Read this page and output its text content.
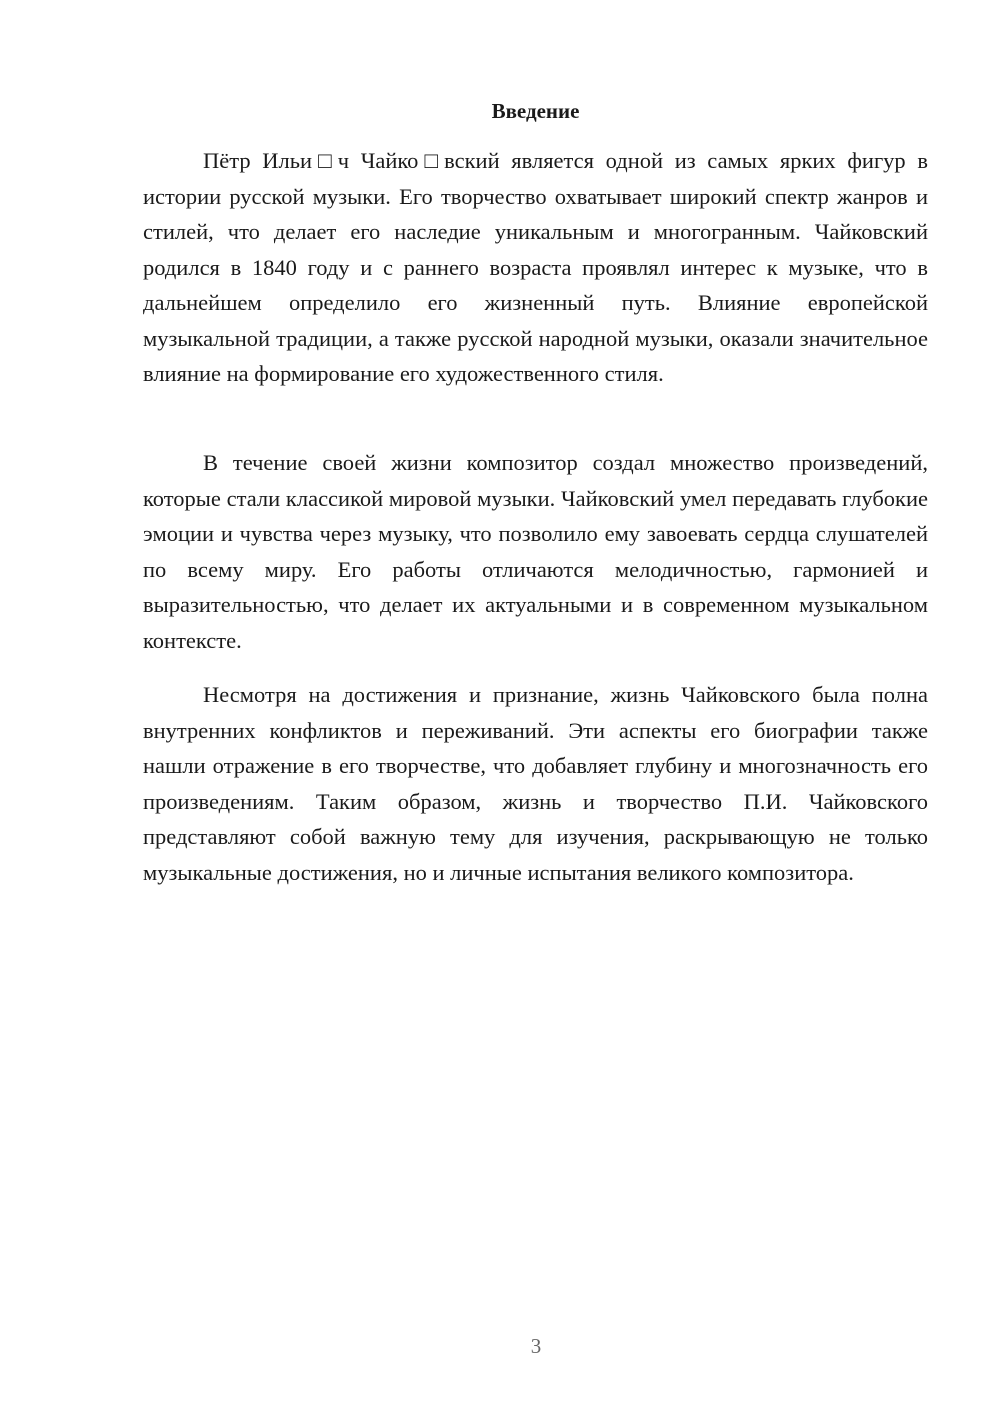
Введение

Пётр Ильи□ч Чайко□вский является одной из самых ярких фигур в истории русской музыки. Его творчество охватывает широкий спектр жанров и стилей, что делает его наследие уникальным и многогранным. Чайковский родился в 1840 году и с раннего возраста проявлял интерес к музыке, что в дальнейшем определило его жизненный путь. Влияние европейской музыкальной традиции, а также русской народной музыки, оказали значительное влияние на формирование его художественного стиля.

В течение своей жизни композитор создал множество произведений, которые стали классикой мировой музыки. Чайковский умел передавать глубокие эмоции и чувства через музыку, что позволило ему завоевать сердца слушателей по всему миру. Его работы отличаются мелодичностью, гармонией и выразительностью, что делает их актуальными и в современном музыкальном контексте.

Несмотря на достижения и признание, жизнь Чайковского была полна внутренних конфликтов и переживаний. Эти аспекты его биографии также нашли отражение в его творчестве, что добавляет глубину и многозначность его произведениям. Таким образом, жизнь и творчество П.И. Чайковского представляют собой важную тему для изучения, раскрывающую не только музыкальные достижения, но и личные испытания великого композитора.

3
